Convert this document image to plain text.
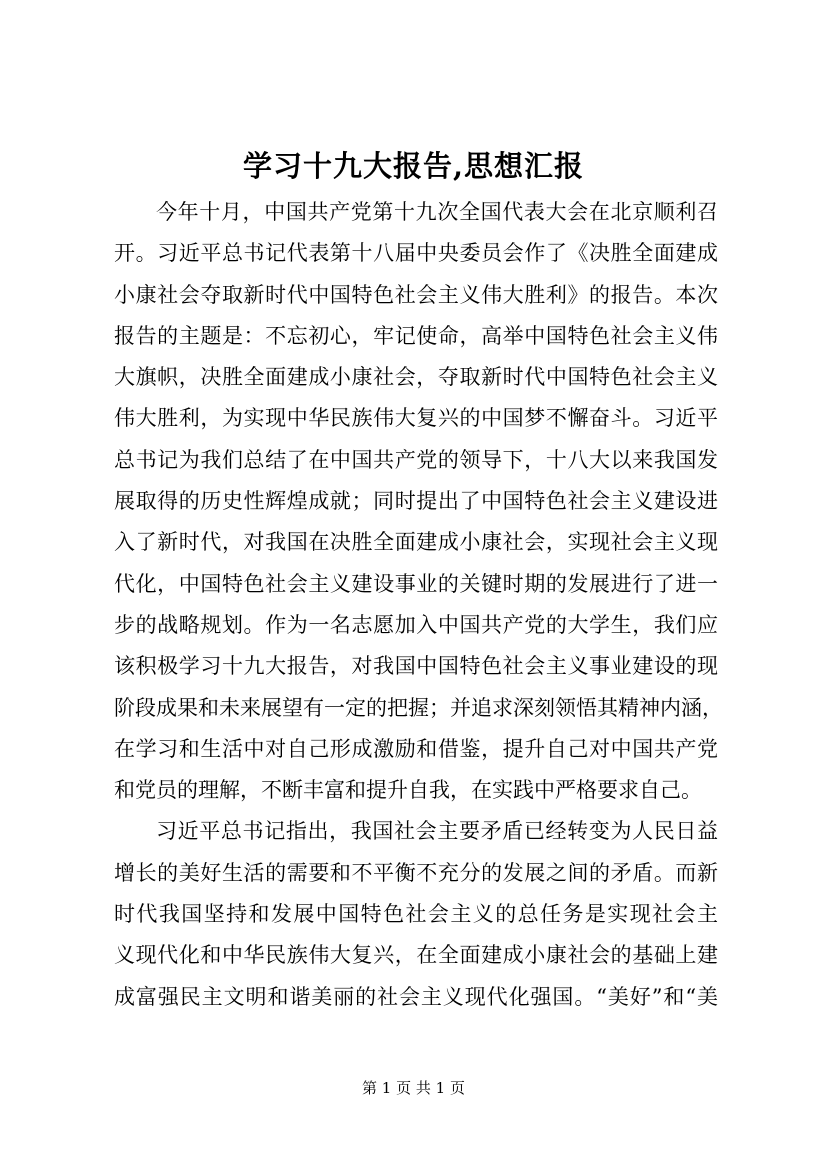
学习十九大报告,思想汇报
今年十月，中国共产党第十九次全国代表大会在北京顺利召
开。习近平总书记代表第十八届中央委员会作了《决胜全面建成
小康社会夺取新时代中国特色社会主义伟大胜利》的报告。本次
报告的主题是：不忘初心，牢记使命，高举中国特色社会主义伟
大旗帜，决胜全面建成小康社会，夺取新时代中国特色社会主义
伟大胜利，为实现中华民族伟大复兴的中国梦不懈奋斗。习近平
总书记为我们总结了在中国共产党的领导下，十八大以来我国发
展取得的历史性辉煌成就；同时提出了中国特色社会主义建设进
入了新时代，对我国在决胜全面建成小康社会，实现社会主义现
代化，中国特色社会主义建设事业的关键时期的发展进行了进一
步的战略规划。作为一名志愿加入中国共产党的大学生，我们应
该积极学习十九大报告，对我国中国特色社会主义事业建设的现
阶段成果和未来展望有一定的把握；并追求深刻领悟其精神内涵，
在学习和生活中对自己形成激励和借鉴，提升自己对中国共产党
和党员的理解，不断丰富和提升自我，在实践中严格要求自己。
习近平总书记指出，我国社会主要矛盾已经转变为人民日益
增长的美好生活的需要和不平衡不充分的发展之间的矛盾。而新
时代我国坚持和发展中国特色社会主义的总任务是实现社会主
义现代化和中华民族伟大复兴，在全面建成小康社会的基础上建
成富强民主文明和谐美丽的社会主义现代化强国。“美好”和“美
第 1 页 共 1 页
